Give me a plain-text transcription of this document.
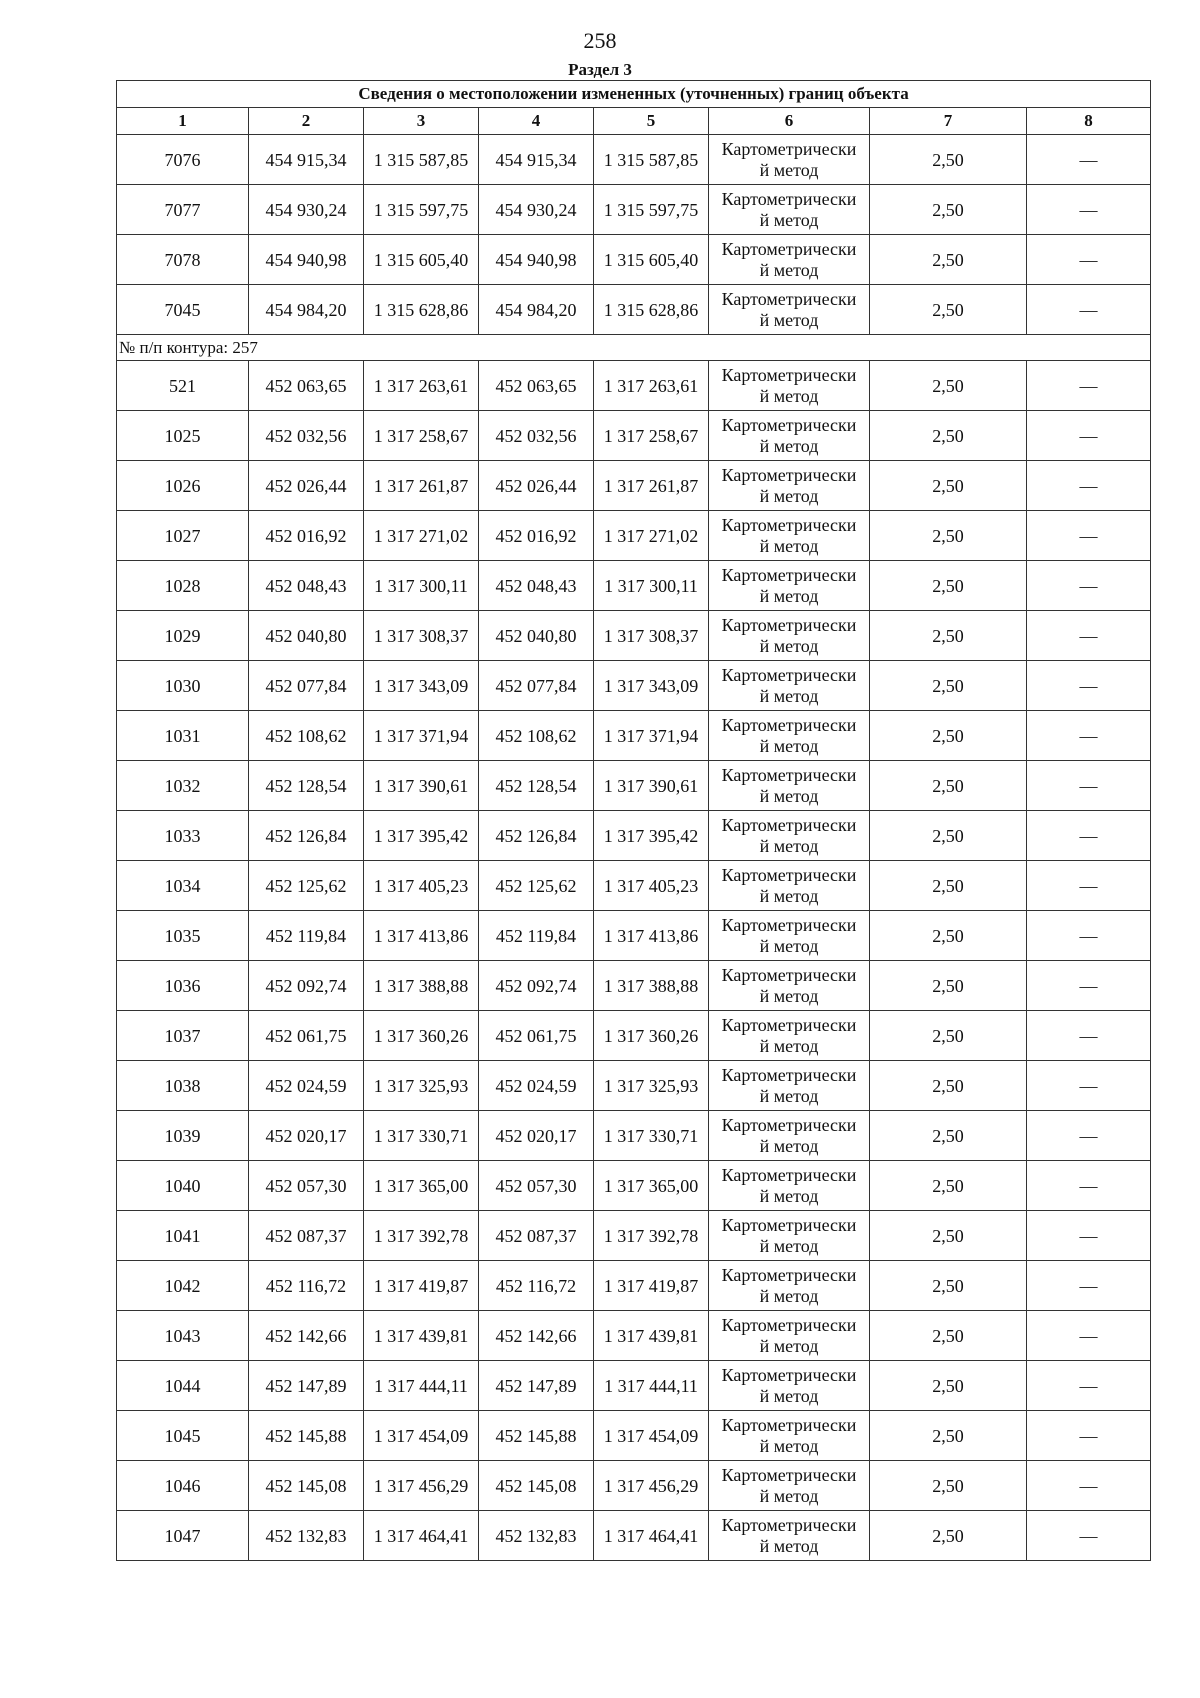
258
Раздел 3
Сведения о местоположении измененных (уточненных) границ объекта							
1	2	3	4	5	6	7	8
7076	454 915,34	1 315 587,85	454 915,34	1 315 587,85	Картометрически
й метод	2,50	—
7077	454 930,24	1 315 597,75	454 930,24	1 315 597,75	Картометрически
й метод	2,50	—
7078	454 940,98	1 315 605,40	454 940,98	1 315 605,40	Картометрически
й метод	2,50	—
7045	454 984,20	1 315 628,86	454 984,20	1 315 628,86	Картометрически
й метод	2,50	—
№ п/п контура: 257							
521	452 063,65	1 317 263,61	452 063,65	1 317 263,61	Картометрически
й метод	2,50	—
1025	452 032,56	1 317 258,67	452 032,56	1 317 258,67	Картометрически
й метод	2,50	—
1026	452 026,44	1 317 261,87	452 026,44	1 317 261,87	Картометрически
й метод	2,50	—
1027	452 016,92	1 317 271,02	452 016,92	1 317 271,02	Картометрически
й метод	2,50	—
1028	452 048,43	1 317 300,11	452 048,43	1 317 300,11	Картометрически
й метод	2,50	—
1029	452 040,80	1 317 308,37	452 040,80	1 317 308,37	Картометрически
й метод	2,50	—
1030	452 077,84	1 317 343,09	452 077,84	1 317 343,09	Картометрически
й метод	2,50	—
1031	452 108,62	1 317 371,94	452 108,62	1 317 371,94	Картометрически
й метод	2,50	—
1032	452 128,54	1 317 390,61	452 128,54	1 317 390,61	Картометрически
й метод	2,50	—
1033	452 126,84	1 317 395,42	452 126,84	1 317 395,42	Картометрически
й метод	2,50	—
1034	452 125,62	1 317 405,23	452 125,62	1 317 405,23	Картометрически
й метод	2,50	—
1035	452 119,84	1 317 413,86	452 119,84	1 317 413,86	Картометрически
й метод	2,50	—
1036	452 092,74	1 317 388,88	452 092,74	1 317 388,88	Картометрически
й метод	2,50	—
1037	452 061,75	1 317 360,26	452 061,75	1 317 360,26	Картометрически
й метод	2,50	—
1038	452 024,59	1 317 325,93	452 024,59	1 317 325,93	Картометрически
й метод	2,50	—
1039	452 020,17	1 317 330,71	452 020,17	1 317 330,71	Картометрически
й метод	2,50	—
1040	452 057,30	1 317 365,00	452 057,30	1 317 365,00	Картометрически
й метод	2,50	—
1041	452 087,37	1 317 392,78	452 087,37	1 317 392,78	Картометрически
й метод	2,50	—
1042	452 116,72	1 317 419,87	452 116,72	1 317 419,87	Картометрически
й метод	2,50	—
1043	452 142,66	1 317 439,81	452 142,66	1 317 439,81	Картометрически
й метод	2,50	—
1044	452 147,89	1 317 444,11	452 147,89	1 317 444,11	Картометрически
й метод	2,50	—
1045	452 145,88	1 317 454,09	452 145,88	1 317 454,09	Картометрически
й метод	2,50	—
1046	452 145,08	1 317 456,29	452 145,08	1 317 456,29	Картометрически
й метод	2,50	—
1047	452 132,83	1 317 464,41	452 132,83	1 317 464,41	Картометрически
й метод	2,50	—
